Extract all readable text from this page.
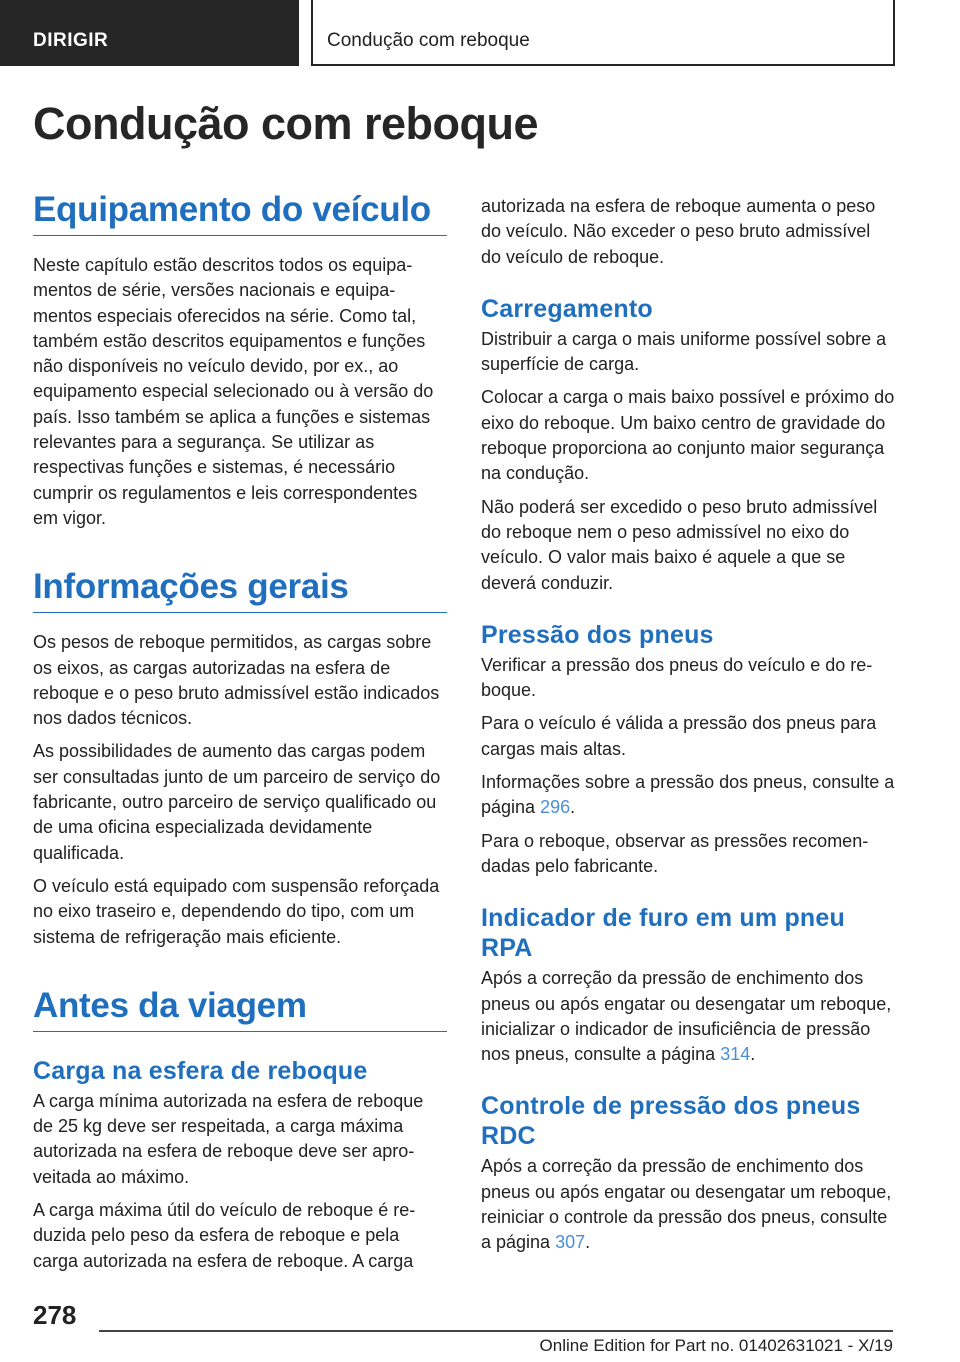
DIRIGIR	Condução com reboque
Condução com reboque
Equipamento do veículo

Neste capítulo estão descritos todos os equipamentos de série, versões nacionais e equipamentos especiais oferecidos na série. Como tal, também estão descritos equipamentos e funções não disponíveis no veículo devido, por ex., ao equipamento especial selecionado ou à versão do país. Isso também se aplica a funções e sistemas relevantes para a segurança. Se utilizar as respectivas funções e sistemas, é necessário cumprir os regulamentos e leis correspondentes em vigor.

Informações gerais

Os pesos de reboque permitidos, as cargas sobre os eixos, as cargas autorizadas na esfera de reboque e o peso bruto admissível estão indicados nos dados técnicos.

As possibilidades de aumento das cargas podem ser consultadas junto de um parceiro de serviço do fabricante, outro parceiro de serviço qualificado ou de uma oficina especializada devidamente qualificada.

O veículo está equipado com suspensão reforçada no eixo traseiro e, dependendo do tipo, com um sistema de refrigeração mais eficiente.

Antes da viagem
Carga na esfera de reboque

A carga mínima autorizada na esfera de reboque de 25 kg deve ser respeitada, a carga máxima autorizada na esfera de reboque deve ser aproveitada ao máximo.

A carga máxima útil do veículo de reboque é reduzida pelo peso da esfera de reboque e pela carga autorizada na esfera de reboque. A carga

autorizada na esfera de reboque aumenta o peso do veículo. Não exceder o peso bruto admissível do veículo de reboque.

Carregamento

Distribuir a carga o mais uniforme possível sobre a superfície de carga.

Colocar a carga o mais baixo possível e próximo do eixo do reboque. Um baixo centro de gravidade do reboque proporciona ao conjunto maior segurança na condução.

Não poderá ser excedido o peso bruto admissível do reboque nem o peso admissível no eixo do veículo. O valor mais baixo é aquele a que se deverá conduzir.

Pressão dos pneus

Verificar a pressão dos pneus do veículo e do reboque.

Para o veículo é válida a pressão dos pneus para cargas mais altas.

Informações sobre a pressão dos pneus, consulte a página 296.

Para o reboque, observar as pressões recomendadas pelo fabricante.

Indicador de furo em um pneu RPA

Após a correção da pressão de enchimento dos pneus ou após engatar ou desengatar um reboque, inicializar o indicador de insuficiência de pressão nos pneus, consulte a página 314.

Controle de pressão dos pneus RDC

Após a correção da pressão de enchimento dos pneus ou após engatar ou desengatar um reboque, reiniciar o controle da pressão dos pneus, consulte a página 307.

278
Online Edition for Part no. 01402631021 - X/19
